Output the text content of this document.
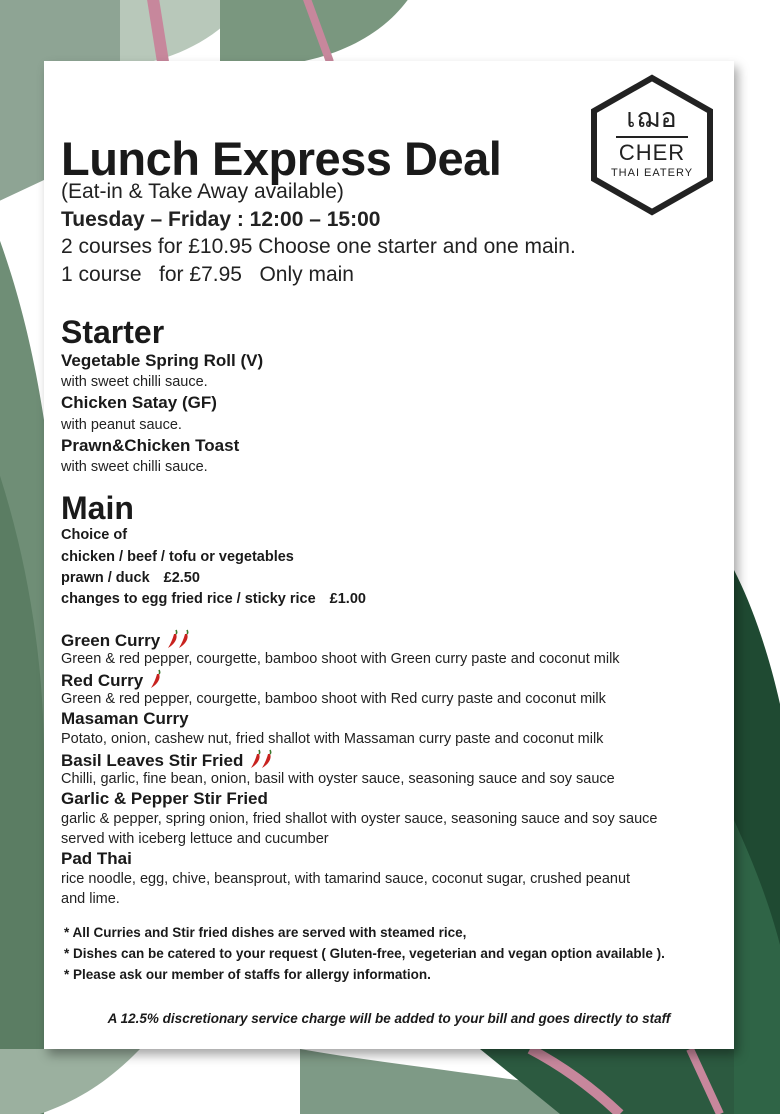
เฌอ
CHER
THAI EATERY
Lunch Express Deal

(Eat-in & Take Away available)

Tuesday – Friday : 12:00 – 15:00

2 courses for £10.95 Choose one starter and one main.

1 course   for £7.95   Only main

Starter

Vegetable Spring Roll (V)

with sweet chilli sauce.

Chicken Satay (GF)

with peanut sauce.

Prawn&Chicken Toast

with sweet chilli sauce.

Main

Choice of

chicken / beef / tofu or vegetables

prawn / duck £2.50

changes to egg fried rice / sticky rice £1.00

Green Curry

Green & red pepper, courgette, bamboo shoot with Green curry paste and coconut milk

Red Curry

Green & red pepper, courgette, bamboo shoot with Red curry paste and coconut milk

Masaman Curry

Potato, onion, cashew nut, fried shallot with Massaman curry paste and coconut milk

Basil Leaves Stir Fried

Chilli, garlic, fine bean, onion, basil with oyster sauce, seasoning sauce and soy sauce

Garlic & Pepper Stir Fried

garlic & pepper, spring onion, fried shallot with oyster sauce, seasoning sauce and soy sauce

served with iceberg lettuce and cucumber

Pad Thai

rice noodle, egg, chive, beansprout, with tamarind sauce, coconut sugar, crushed peanut

and lime.

* All Curries and Stir fried dishes are served with steamed rice,

* Dishes can be catered to your request ( Gluten-free, vegeterian and vegan option available ).

* Please ask our member of staffs for allergy information.

A 12.5% discretionary service charge will be added to your bill and goes directly to staff
